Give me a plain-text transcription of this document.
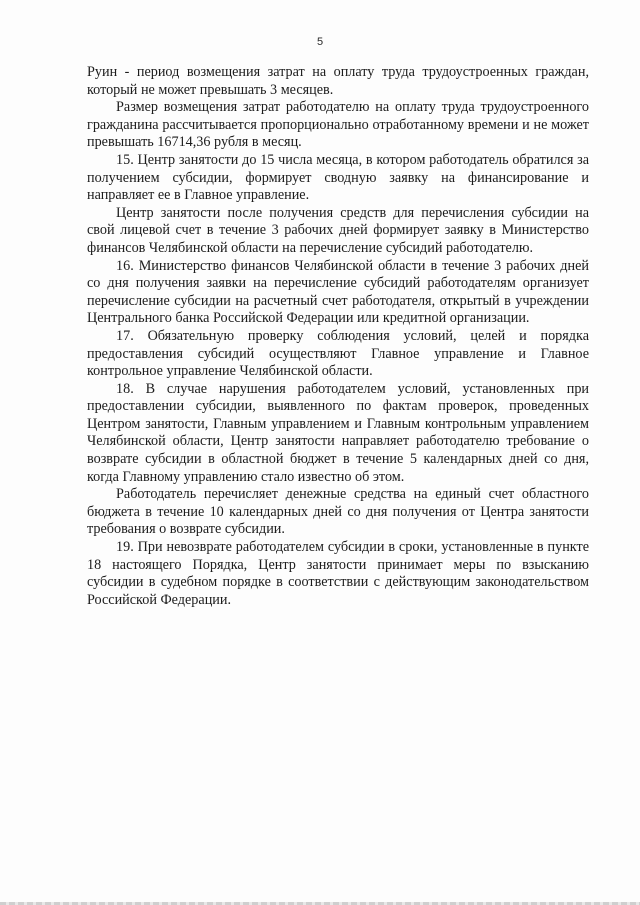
5

Руин - период возмещения затрат на оплату труда трудоустроенных граждан, который не может превышать 3 месяцев.

Размер возмещения затрат работодателю на оплату труда трудоустроенного гражданина рассчитывается пропорционально отработанному времени и не может превышать 16714,36 рубля в месяц.

15. Центр занятости до 15 числа месяца, в котором работодатель обратился за получением субсидии, формирует сводную заявку на финансирование и направляет ее в Главное управление.

Центр занятости после получения средств для перечисления субсидии на свой лицевой счет в течение 3 рабочих дней формирует заявку в Министерство финансов Челябинской области на перечисление субсидий работодателю.

16. Министерство финансов Челябинской области в течение 3 рабочих дней со дня получения заявки на перечисление субсидий работодателям организует перечисление субсидии на расчетный счет работодателя, открытый в учреждении Центрального банка Российской Федерации или кредитной организации.

17. Обязательную проверку соблюдения условий, целей и порядка предоставления субсидий осуществляют Главное управление и Главное контрольное управление Челябинской области.

18. В случае нарушения работодателем условий, установленных при предоставлении субсидии, выявленного по фактам проверок, проведенных Центром занятости, Главным управлением и Главным контрольным управлением Челябинской области, Центр занятости направляет работодателю требование о возврате субсидии в областной бюджет в течение 5 календарных дней со дня, когда Главному управлению стало известно об этом.

Работодатель перечисляет денежные средства на единый счет областного бюджета в течение 10 календарных дней со дня получения от Центра занятости требования о возврате субсидии.

19. При невозврате работодателем субсидии в сроки, установленные в пункте 18 настоящего Порядка, Центр занятости принимает меры по взысканию субсидии в судебном порядке в соответствии с действующим законодательством Российской Федерации.
